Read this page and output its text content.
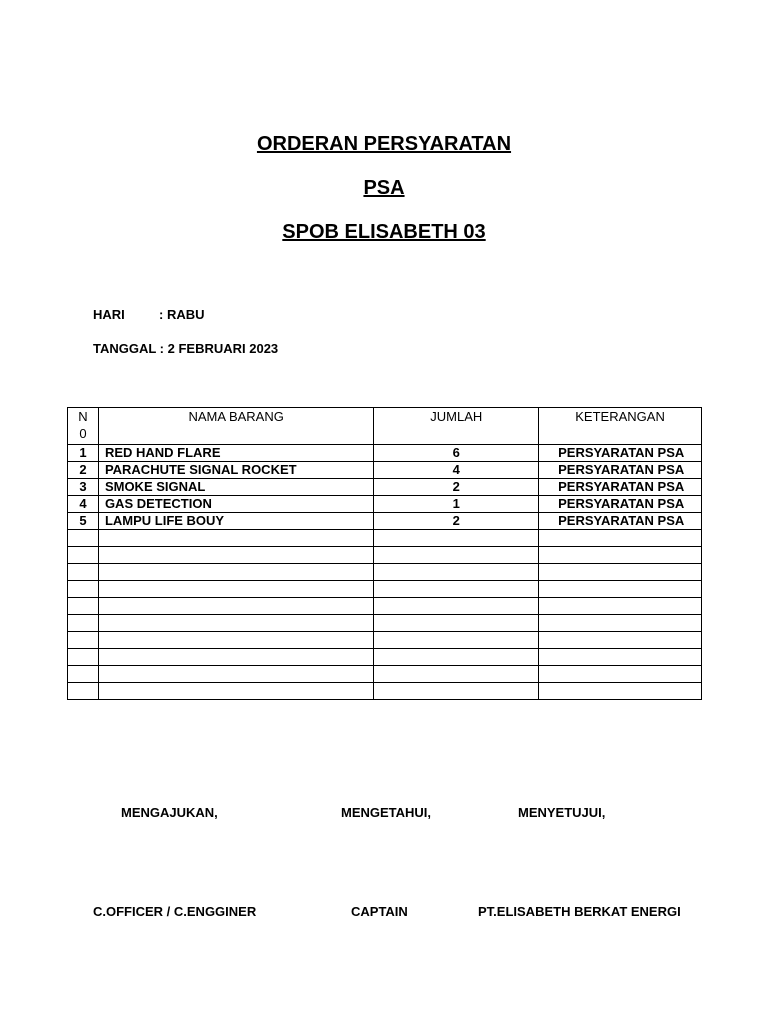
ORDERAN PERSYARATAN
PSA
SPOB ELISABETH 03
HARI	: RABU
TANGGAL : 2 FEBRUARI 2023
N 0	NAMA BARANG	JUMLAH	KETERANGAN
1	RED HAND FLARE	6	PERSYARATAN PSA
2	PARACHUTE SIGNAL ROCKET	4	PERSYARATAN PSA
3	SMOKE SIGNAL	2	PERSYARATAN PSA
4	GAS DETECTION	1	PERSYARATAN PSA
5	LAMPU LIFE BOUY	2	PERSYARATAN PSA

MENGAJUKAN,	MENGETAHUI,	MENYETUJUI,
C.OFFICER / C.ENGGINER	CAPTAIN	PT.ELISABETH BERKAT ENERGI
